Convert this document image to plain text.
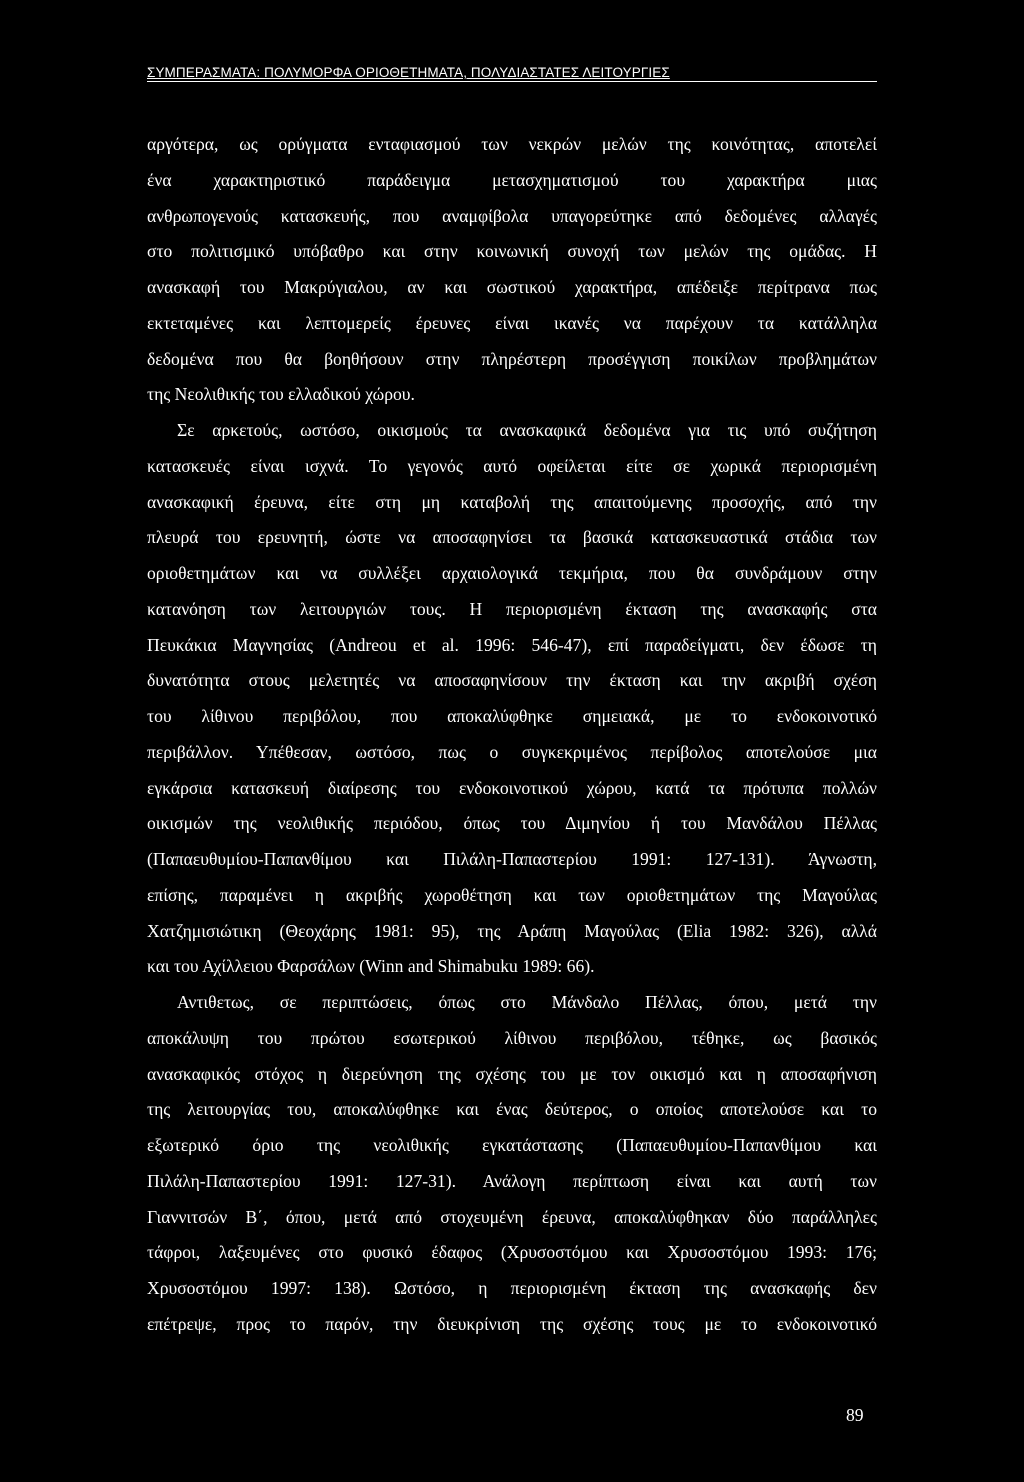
ΣΥΜΠΕΡΑΣΜΑΤΑ: ΠΟΛΥΜΟΡΦΑ ΟΡΙΟΘΕΤΗΜΑΤΑ, ΠΟΛΥΔΙΑΣΤΑΤΕΣ ΛΕΙΤΟΥΡΓΙΕΣ
αργότερα, ως ορύγματα ενταφιασμού των νεκρών μελών της κοινότητας, αποτελεί
ένα χαρακτηριστικό παράδειγμα μετασχηματισμού του χαρακτήρα μιας
ανθρωπογενούς κατασκευής, που αναμφίβολα υπαγορεύτηκε από δεδομένες αλλαγές
στο πολιτισμικό υπόβαθρο και στην κοινωνική συνοχή των μελών της ομάδας. Η
ανασκαφή του Μακρύγιαλου, αν και σωστικού χαρακτήρα, απέδειξε περίτρανα πως
εκτεταμένες και λεπτομερείς έρευνες είναι ικανές να παρέχουν τα κατάλληλα
δεδομένα που θα βοηθήσουν στην πληρέστερη προσέγγιση ποικίλων προβλημάτων
της Νεολιθικής του ελλαδικού χώρου.
Σε αρκετούς, ωστόσο, οικισμούς τα ανασκαφικά δεδομένα για τις υπό συζήτηση
κατασκευές είναι ισχνά. Το γεγονός αυτό οφείλεται είτε σε χωρικά περιορισμένη
ανασκαφική έρευνα, είτε στη μη καταβολή της απαιτούμενης προσοχής, από την
πλευρά του ερευνητή, ώστε να αποσαφηνίσει τα βασικά κατασκευαστικά στάδια των
οριοθετημάτων και να συλλέξει αρχαιολογικά τεκμήρια, που θα συνδράμουν στην
κατανόηση των λειτουργιών τους. Η περιορισμένη έκταση της ανασκαφής στα
Πευκάκια Μαγνησίας (Andreou et al. 1996: 546-47), επί παραδείγματι, δεν έδωσε τη
δυνατότητα στους μελετητές να αποσαφηνίσουν την έκταση και την ακριβή σχέση
του λίθινου περιβόλου, που αποκαλύφθηκε σημειακά, με το ενδοκοινοτικό
περιβάλλον. Υπέθεσαν, ωστόσο, πως ο συγκεκριμένος περίβολος αποτελούσε μια
εγκάρσια κατασκευή διαίρεσης του ενδοκοινοτικού χώρου, κατά τα πρότυπα πολλών
οικισμών της νεολιθικής περιόδου, όπως του Διμηνίου ή του Μανδάλου Πέλλας
(Παπαευθυμίου-Παπανθίμου και Πιλάλη-Παπαστερίου 1991: 127-131). Άγνωστη,
επίσης, παραμένει η ακριβής χωροθέτηση και των οριοθετημάτων της Μαγούλας
Χατζημισιώτικη (Θεοχάρης 1981: 95), της Αράπη Μαγούλας (Elia 1982: 326), αλλά
και του Αχίλλειου Φαρσάλων (Winn and Shimabuku 1989: 66).
Αντιθετως, σε περιπτώσεις, όπως στο Μάνδαλο Πέλλας, όπου, μετά την
αποκάλυψη του πρώτου εσωτερικού λίθινου περιβόλου, τέθηκε, ως βασικός
ανασκαφικός στόχος η διερεύνηση της σχέσης του με τον οικισμό και η αποσαφήνιση
της λειτουργίας του, αποκαλύφθηκε και ένας δεύτερος, ο οποίος αποτελούσε και το
εξωτερικό όριο της νεολιθικής εγκατάστασης (Παπαευθυμίου-Παπανθίμου και
Πιλάλη-Παπαστερίου 1991: 127-31). Ανάλογη περίπτωση είναι και αυτή των
Γιαννιτσών Β΄, όπου, μετά από στοχευμένη έρευνα, αποκαλύφθηκαν δύο παράλληλες
τάφροι, λαξευμένες στο φυσικό έδαφος (Χρυσοστόμου και Χρυσοστόμου 1993: 176;
Χρυσοστόμου 1997: 138). Ωστόσο, η περιορισμένη έκταση της ανασκαφής δεν
επέτρεψε, προς το παρόν, την διευκρίνιση της σχέσης τους με το ενδοκοινοτικό
89
